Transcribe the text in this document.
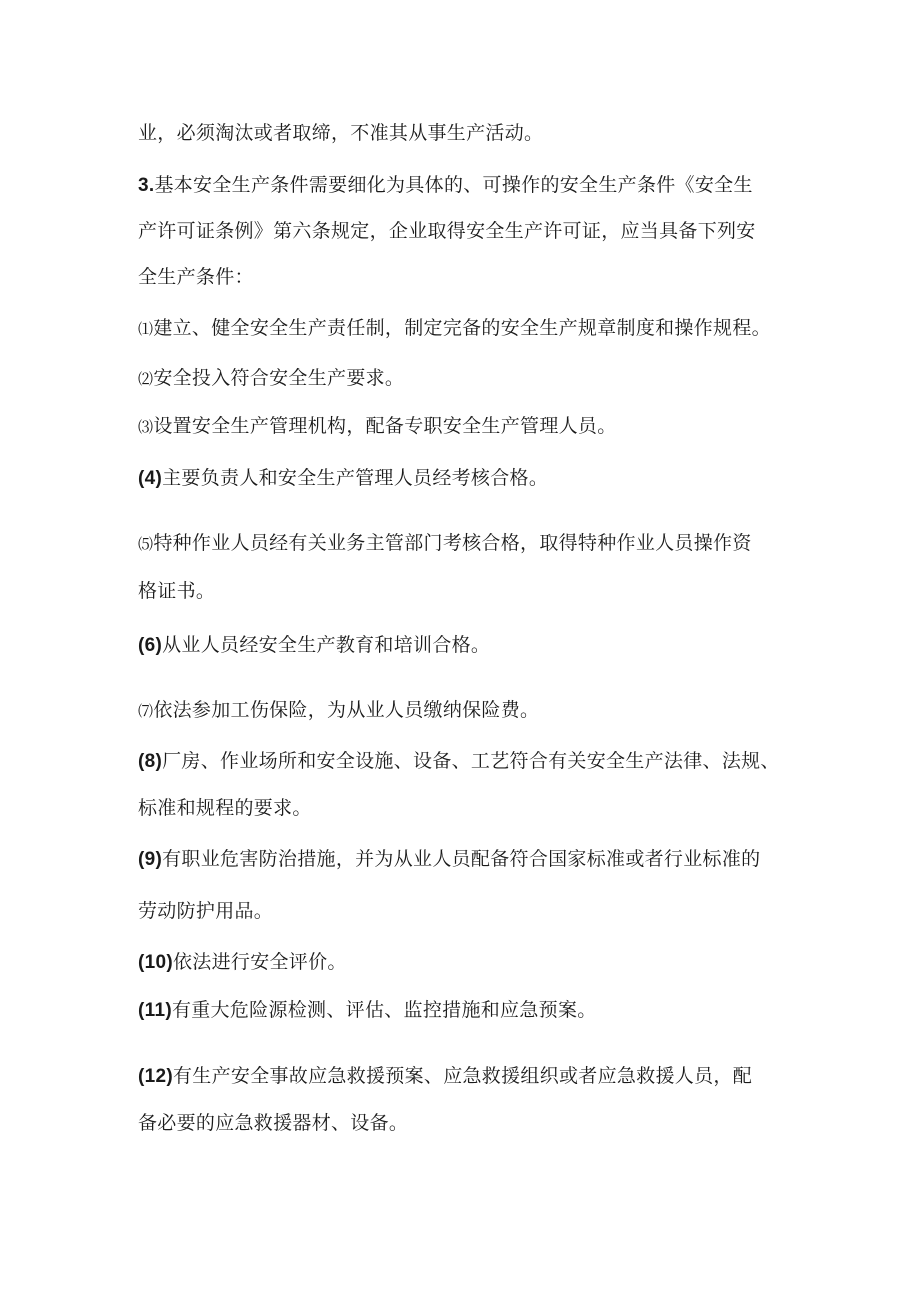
业，必须淘汰或者取缔，不准其从事生产活动。
3.基本安全生产条件需要细化为具体的、可操作的安全生产条件《安全生
产许可证条例》第六条规定，企业取得安全生产许可证，应当具备下列安
全生产条件：
⑴建立、健全安全生产责任制，制定完备的安全生产规章制度和操作规程。
⑵安全投入符合安全生产要求。
⑶设置安全生产管理机构，配备专职安全生产管理人员。
(4)主要负责人和安全生产管理人员经考核合格。
⑸特种作业人员经有关业务主管部门考核合格，取得特种作业人员操作资
格证书。
(6)从业人员经安全生产教育和培训合格。
⑺依法参加工伤保险，为从业人员缴纳保险费。
(8)厂房、作业场所和安全设施、设备、工艺符合有关安全生产法律、法规、
标准和规程的要求。
(9)有职业危害防治措施，并为从业人员配备符合国家标准或者行业标准的
劳动防护用品。
(10)依法进行安全评价。
(11)有重大危险源检测、评估、监控措施和应急预案。
(12)有生产安全事故应急救援预案、应急救援组织或者应急救援人员，配
备必要的应急救援器材、设备。
